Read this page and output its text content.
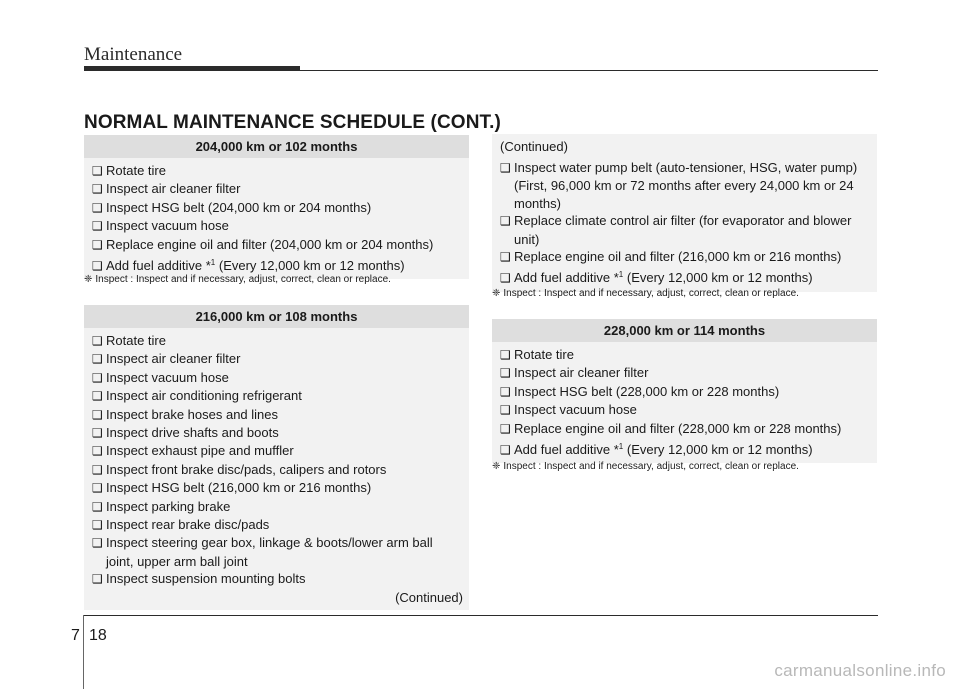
Maintenance
NORMAL MAINTENANCE SCHEDULE (CONT.)
204,000 km or 102 months
❑ Rotate tire
❑ Inspect air cleaner filter
❑ Inspect HSG belt (204,000 km or 204 months)
❑ Inspect vacuum hose
❑ Replace engine oil and filter (204,000 km or 204 months)
❑ Add fuel additive *$^1$ (Every 12,000 km or 12 months)
❈ Inspect : Inspect and if necessary, adjust, correct, clean or replace.
216,000 km or 108 months
❑ Rotate tire
❑ Inspect air cleaner filter
❑ Inspect vacuum hose
❑ Inspect air conditioning refrigerant
❑ Inspect brake hoses and lines
❑ Inspect drive shafts and boots
❑ Inspect exhaust pipe and muffler
❑ Inspect front brake disc/pads, calipers and rotors
❑ Inspect HSG belt (216,000 km or 216 months)
❑ Inspect parking brake
❑ Inspect rear brake disc/pads
❑ Inspect steering gear box, linkage & boots/lower arm ball joint, upper arm ball joint
❑ Inspect suspension mounting bolts
(Continued)
(Continued)
❑ Inspect water pump belt (auto-tensioner, HSG, water pump) (First, 96,000 km or 72 months after every 24,000 km or 24 months)
❑ Replace climate control air filter (for evaporator and blower unit)
❑ Replace engine oil and filter (216,000 km or 216 months)
❑ Add fuel additive *$^1$ (Every 12,000 km or 12 months)
❈ Inspect : Inspect and if necessary, adjust, correct, clean or replace.
228,000 km or 114 months
❑ Rotate tire
❑ Inspect air cleaner filter
❑ Inspect HSG belt (228,000 km or 228 months)
❑ Inspect vacuum hose
❑ Replace engine oil and filter (228,000 km or 228 months)
❑ Add fuel additive *$^1$ (Every 12,000 km or 12 months)
❈ Inspect : Inspect and if necessary, adjust, correct, clean or replace.
7 18
carmanualsonline.info
